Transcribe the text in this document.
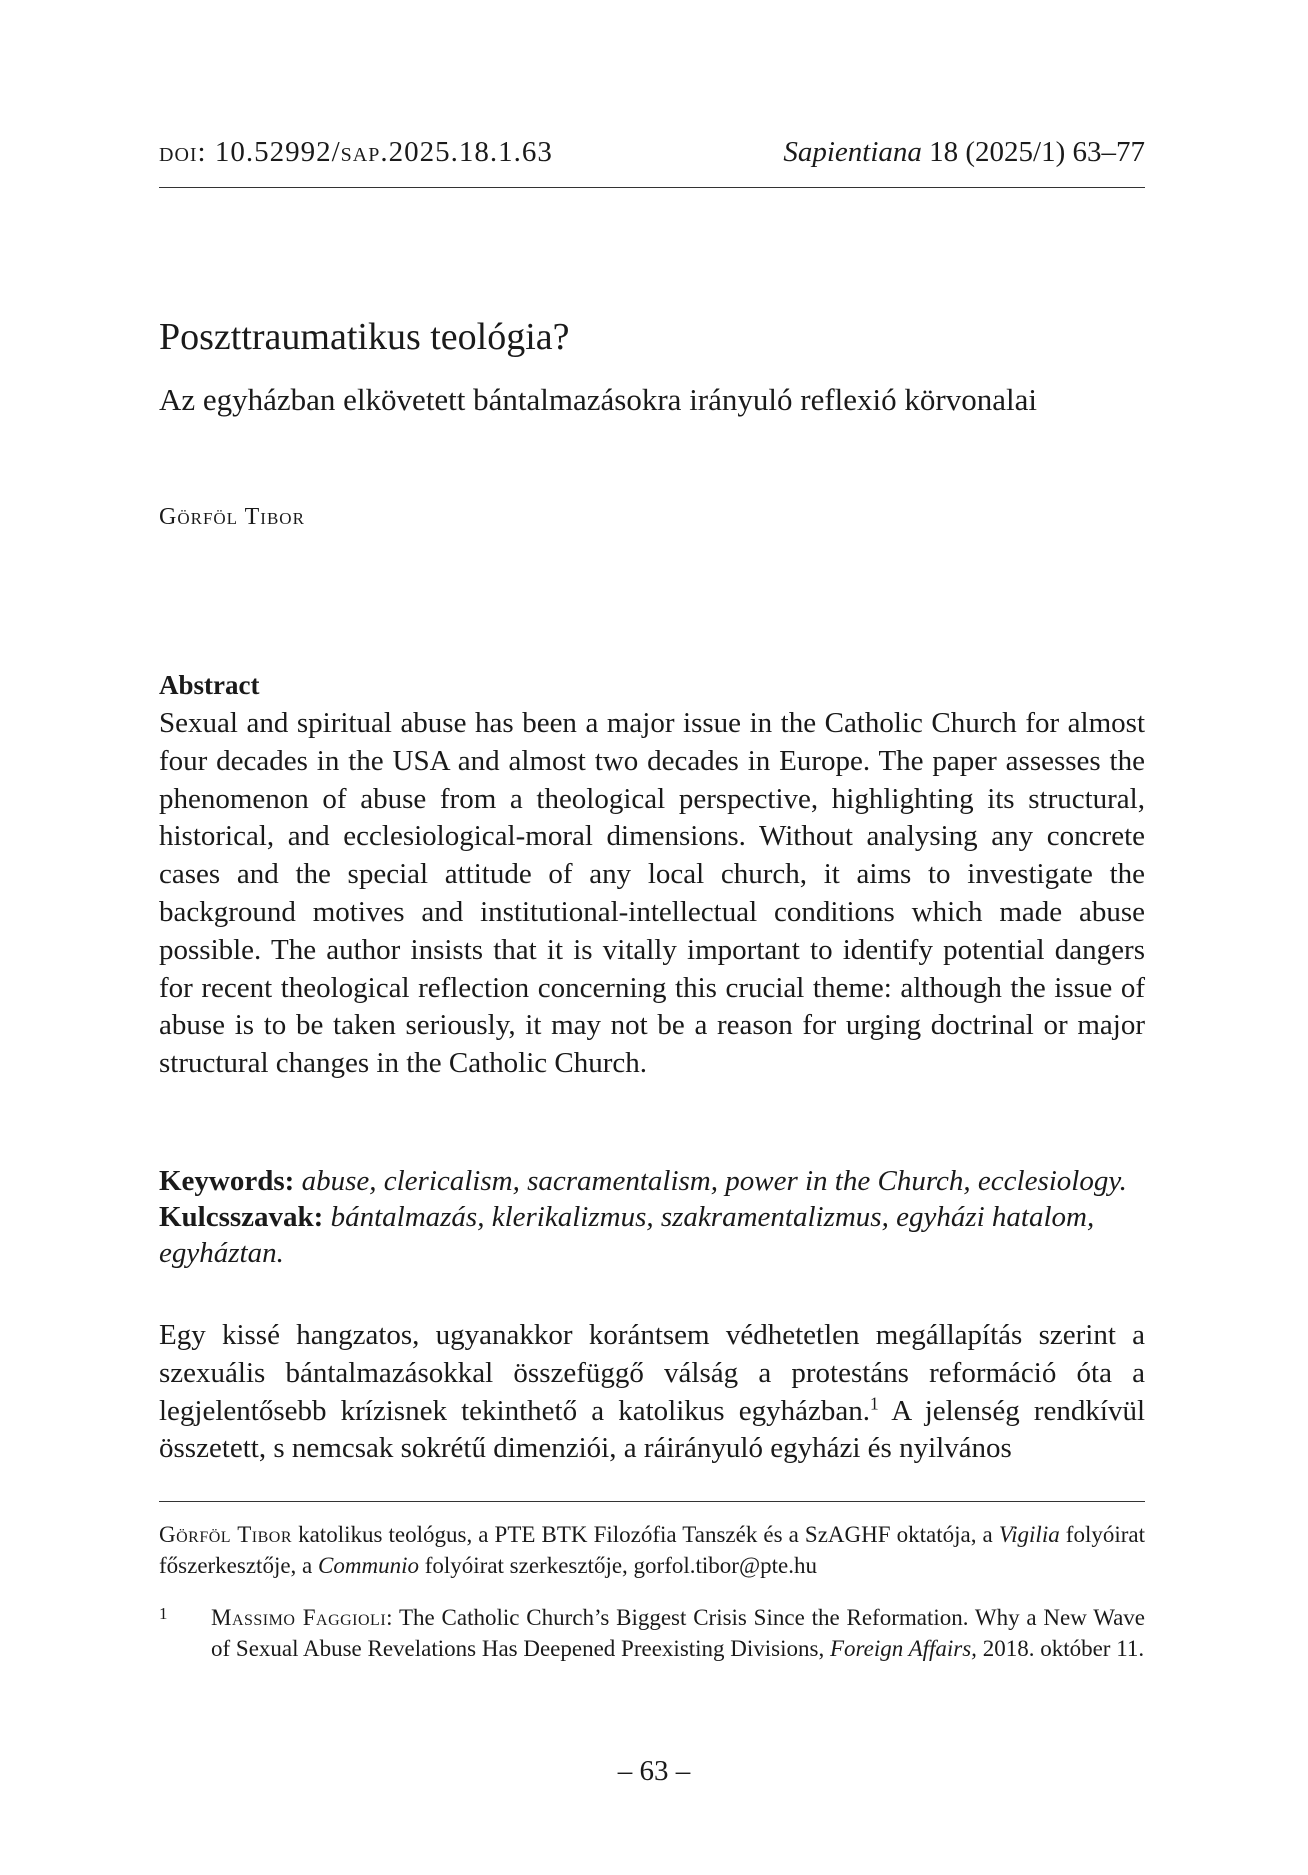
doi: 10.52992/sap.2025.18.1.63	Sapientiana 18 (2025/1) 63–77
Poszttraumatikus teológia?
Az egyházban elkövetett bántalmazásokra irányuló reflexió körvonalai
Görföl Tibor
Abstract

Sexual and spiritual abuse has been a major issue in the Catholic Church for almost four decades in the USA and almost two decades in Europe. The paper assesses the phenomenon of abuse from a theological perspective, highlighting its structural, historical, and ecclesiological-moral dimensions. Without analysing any concrete cases and the special attitude of any local church, it aims to investigate the background motives and institutional-intellectual conditions which made abuse possible. The author insists that it is vitally important to identify potential dangers for recent theological reflection concerning this crucial theme: although the issue of abuse is to be taken seriously, it may not be a reason for urging doctrinal or major structural changes in the Catholic Church.

Keywords: abuse, clericalism, sacramentalism, power in the Church, ecclesiology.
Kulcsszavak: bántalmazás, klerikalizmus, szakramentalizmus, egyházi hatalom, egyháztan.

Egy kissé hangzatos, ugyanakkor korántsem védhetetlen megállapítás szerint a szexuális bántalmazásokkal összefüggő válság a protestáns reformáció óta a legjelentősebb krízisnek tekinthető a katolikus egyházban.$^1$ A jelenség rendkívül összetett, s nemcsak sokrétű dimenziói, a ráirányuló egyházi és nyilvános

Görföl Tibor katolikus teológus, a PTE BTK Filozófia Tanszék és a SzAGHF oktatója, a Vigilia folyóirat főszerkesztője, a Communio folyóirat szerkesztője, gorfol.tibor@pte.hu
1	Massimo Faggioli: The Catholic Church’s Biggest Crisis Since the Reformation. Why a New Wave of Sexual Abuse Revelations Has Deepened Preexisting Divisions, Foreign Affairs, 2018. október 11.
– 63 –
